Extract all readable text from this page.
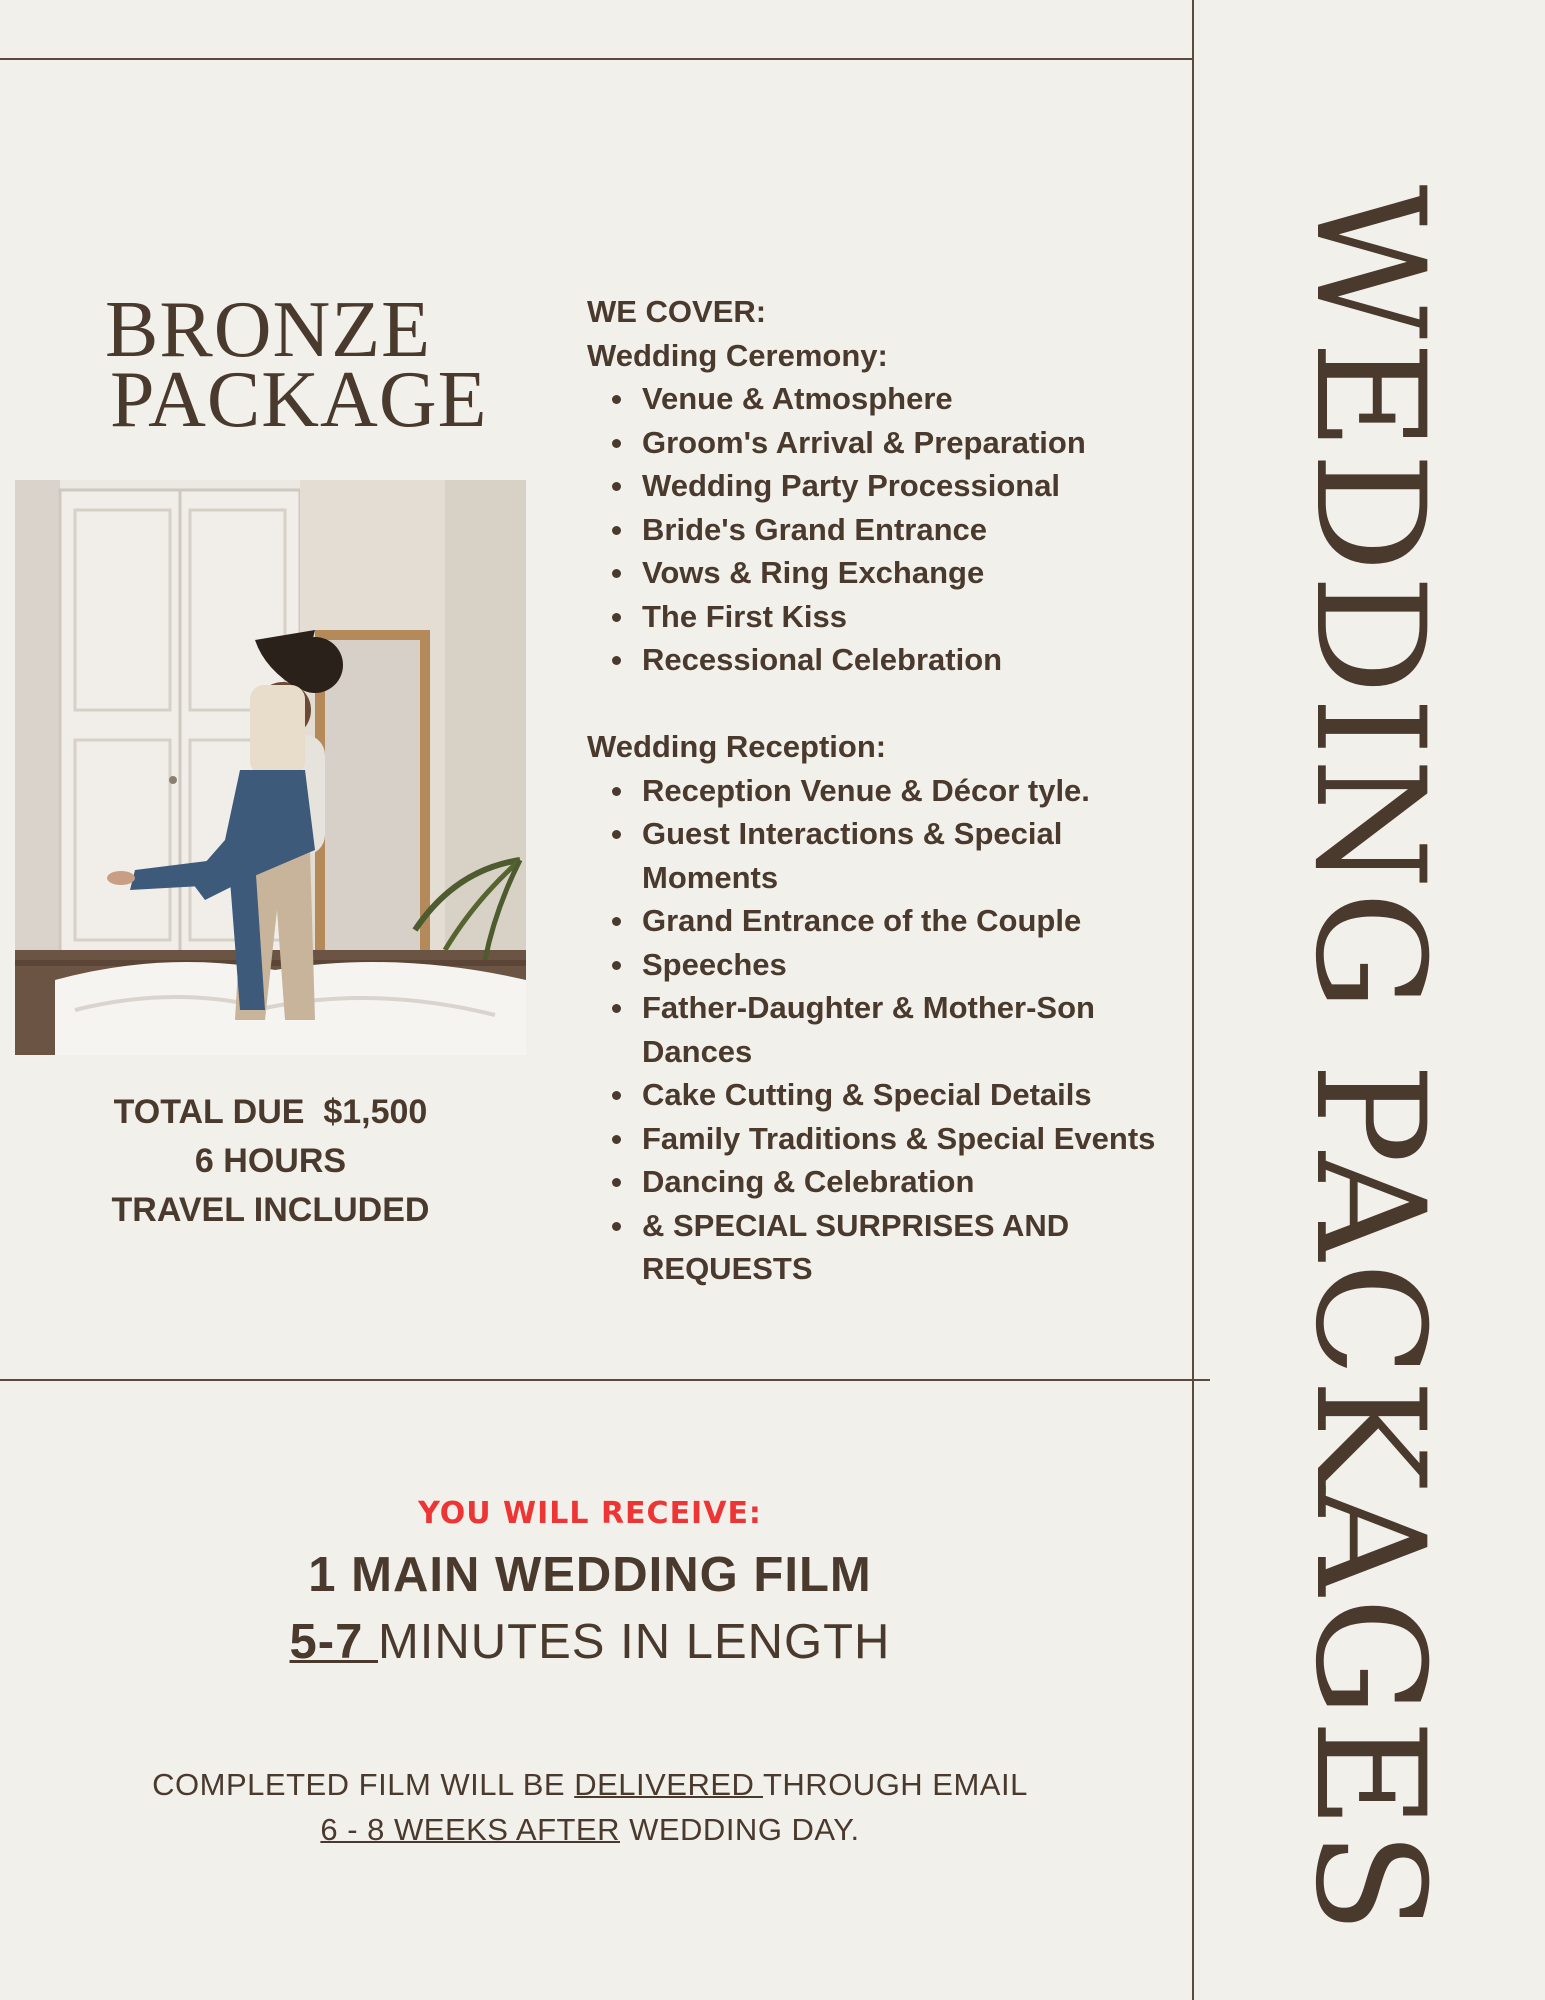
WEDDING PACKAGES
BRONZE
PACKAGE
TOTAL DUE  $1,500
6 HOURS
TRAVEL INCLUDED
WE COVER:
Wedding Ceremony:
Venue & Atmosphere
Groom's Arrival & Preparation
Wedding Party Processional
Bride's Grand Entrance
Vows & Ring Exchange
The First Kiss
Recessional Celebration
Wedding Reception:
Reception Venue & Décor tyle.
Guest Interactions & Special Moments
Grand Entrance of the Couple
Speeches
Father-Daughter & Mother-Son Dances
Cake Cutting & Special Details
Family Traditions & Special Events
Dancing & Celebration
& SPECIAL SURPRISES AND REQUESTS
YOU WILL RECEIVE:
1 MAIN WEDDING FILM
5-7 MINUTES IN LENGTH
COMPLETED FILM WILL BE DELIVERED THROUGH EMAIL
6 - 8 WEEKS AFTER WEDDING DAY.
